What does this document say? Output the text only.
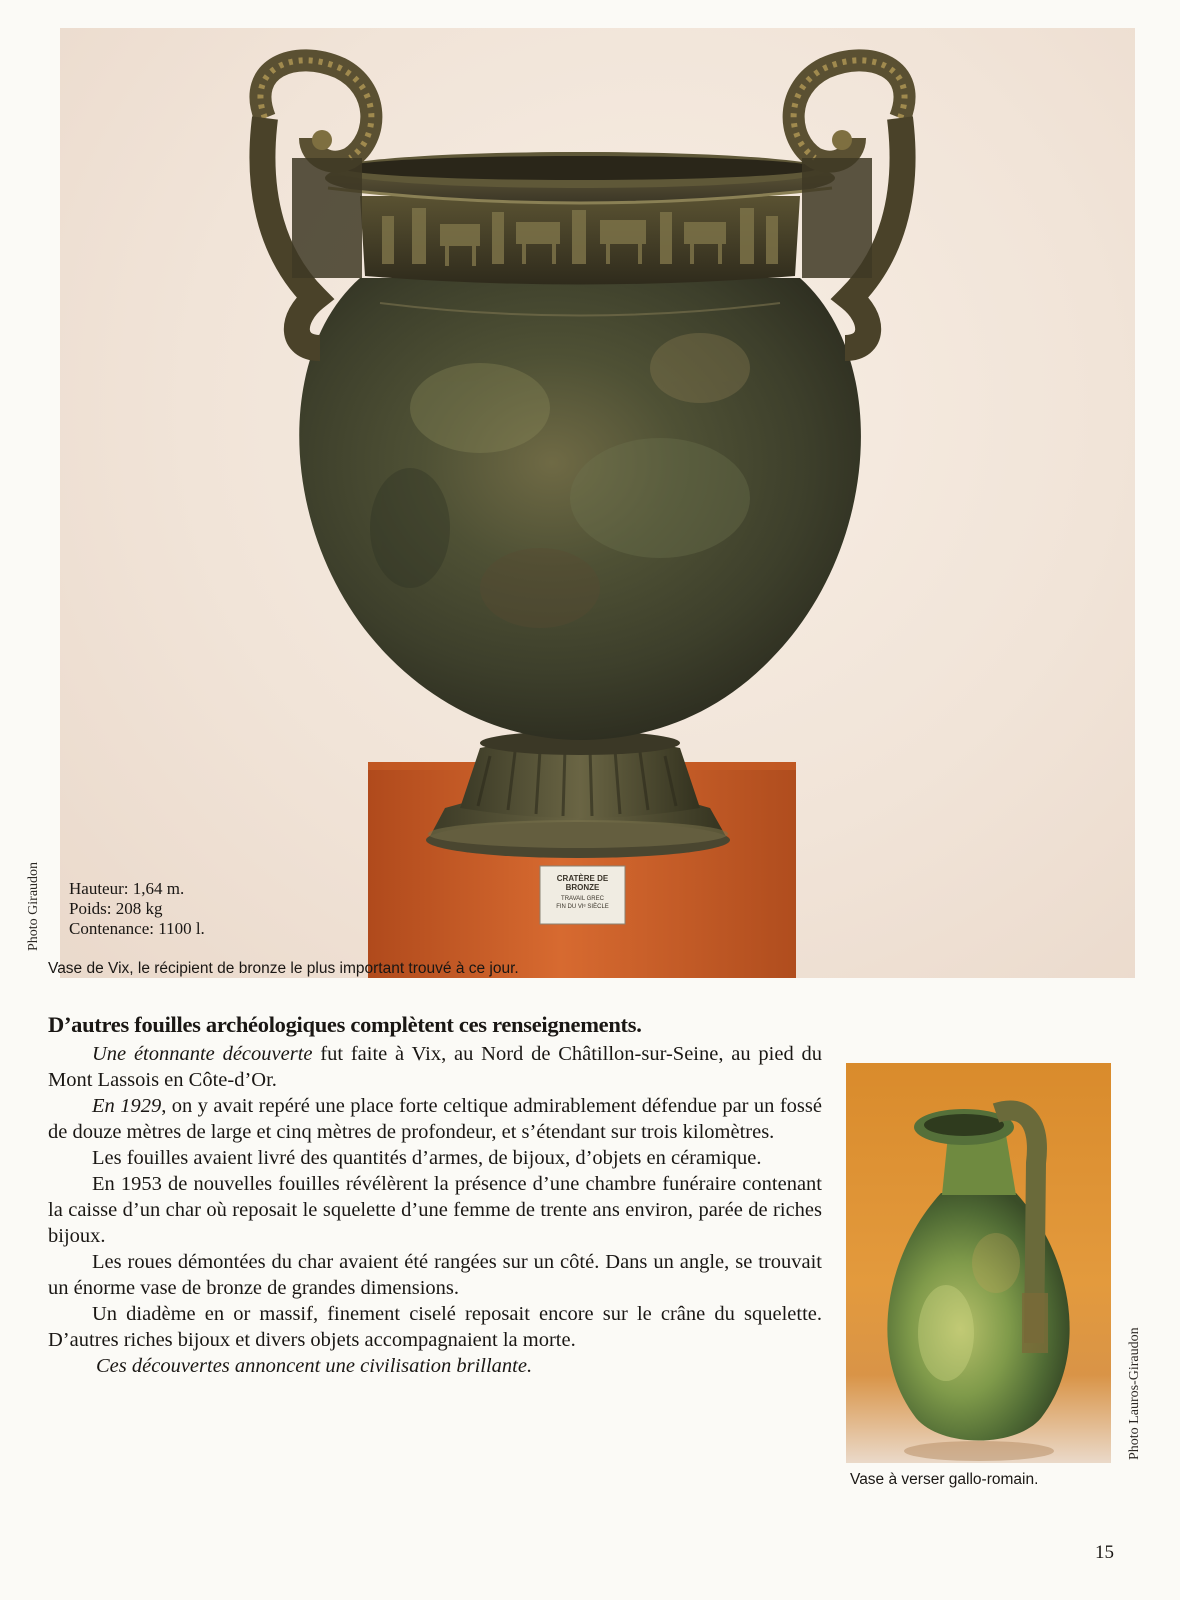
CRATÈRE DE BRONZE
TRAVAIL GREC
FIN DU VIᵉ SIÈCLE
Photo Giraudon Hauteur: 1,64 m.
Poids: 208 kg
Contenance: 1100 l.
Vase de Vix, le récipient de bronze le plus important trouvé à ce jour.
D’autres fouilles archéologiques complètent ces renseignements.

Une étonnante découverte fut faite à Vix, au Nord de Châtillon-sur-Seine, au pied du Mont Lassois en Côte-d’Or.

En 1929, on y avait repéré une place forte celtique admirablement défendue par un fossé de douze mètres de large et cinq mètres de profondeur, et s’étendant sur trois kilomètres.

Les fouilles avaient livré des quantités d’armes, de bijoux, d’objets en céramique.

En 1953 de nouvelles fouilles révélèrent la présence d’une chambre funéraire contenant la caisse d’un char où reposait le squelette d’une femme de trente ans environ, parée de riches bijoux.

Les roues démontées du char avaient été rangées sur un côté. Dans un angle, se trouvait un énorme vase de bronze de grandes dimensions.

Un diadème en or massif, finement ciselé reposait encore sur le crâne du squelette. D’autres riches bijoux et divers objets accompagnaient la morte.

Ces découvertes annoncent une civilisation brillante.	Photo Lauros-Giraudon
Vase à verser gallo-romain.
15
